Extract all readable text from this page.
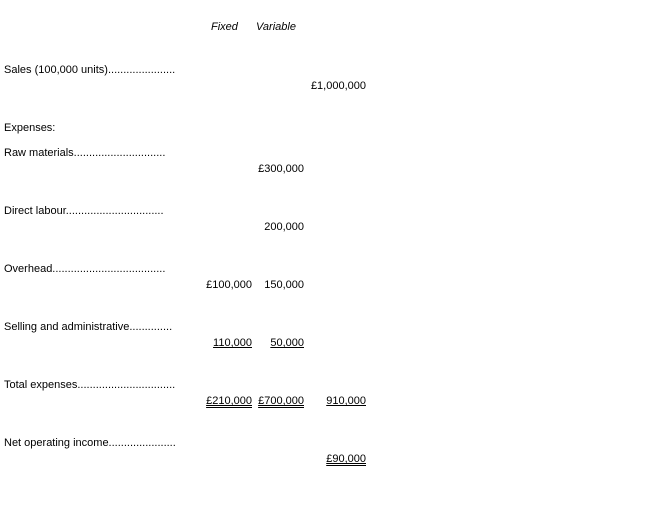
Fixed Variable
Sales (100,000 units)......................
£1,000,000
Expenses:
Raw materials..............................
£300,000
Direct labour................................
200,000
Overhead.....................................
£100,000 150,000
Selling and administrative..............
110,000 50,000
Total expenses................................
£210,000 £700,000 910,000
Net operating income......................
£90,000
